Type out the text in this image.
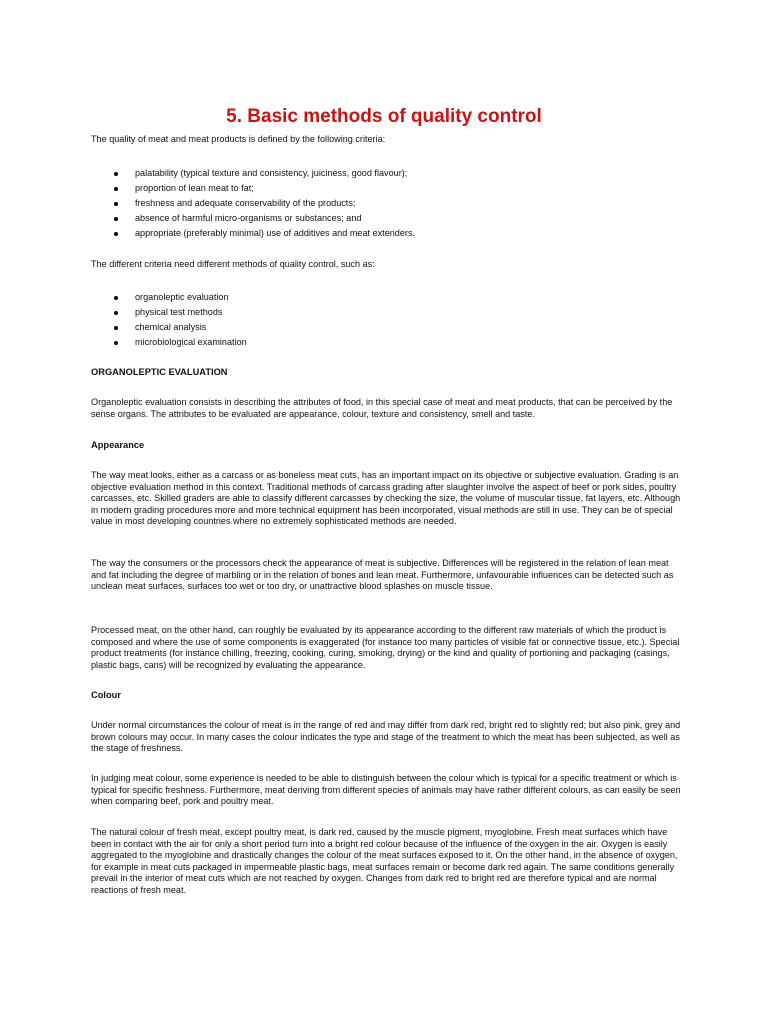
5. Basic methods of quality control

The quality of meat and meat products is defined by the following criteria:

palatability (typical texture and consistency, juiciness, good flavour);
proportion of lean meat to fat;
freshness and adequate conservability of the products;
absence of harmful micro-organisms or substances; and
appropriate (preferably minimal) use of additives and meat extenders.

The different criteria need different methods of quality control, such as:

organoleptic evaluation
physical test methods
chemical analysis
microbiological examination
ORGANOLEPTIC EVALUATION

Organoleptic evaluation consists in describing the attributes of food, in this special case of meat and meat products, that can be perceived by the sense organs. The attributes to be evaluated are appearance, colour, texture and consistency, smell and taste.

Appearance

The way meat looks, either as a carcass or as boneless meat cuts, has an important impact on its objective or subjective evaluation. Grading is an objective evaluation method in this context. Traditional methods of carcass grading after slaughter involve the aspect of beef or pork sides, poultry carcasses, etc. Skilled graders are able to classify different carcasses by checking the size, the volume of muscular tissue, fat layers, etc. Although in modern grading procedures more and more technical equipment has been incorporated, visual methods are still in use. They can be of special value in most developing countries where no extremely sophisticated methods are needed.

The way the consumers or the processors check the appearance of meat is subjective. Differences will be registered in the relation of lean meat and fat including the degree of marbling or in the relation of bones and lean meat. Furthermore, unfavourable influences can be detected such as unclean meat surfaces, surfaces too wet or too dry, or unattractive blood splashes on muscle tissue.

Processed meat, on the other hand, can roughly be evaluated by its appearance according to the different raw materials of which the product is composed and where the use of some components is exaggerated (for instance too many particles of visible fat or connective tissue, etc.). Special product treatments (for instance chilling, freezing, cooking, curing, smoking, drying) or the kind and quality of portioning and packaging (casings, plastic bags, cans) will be recognized by evaluating the appearance.

Colour

Under normal circumstances the colour of meat is in the range of red and may differ from dark red, bright red to slightly red; but also pink, grey and brown colours may occur. In many cases the colour indicates the type and stage of the treatment to which the meat has been subjected, as well as the stage of freshness.

In judging meat colour, some experience is needed to be able to distinguish between the colour which is typical for a specific treatment or which is typical for specific freshness. Furthermore, meat deriving from different species of animals may have rather different colours, as can easily be seen when comparing beef, pork and poultry meat.

The natural colour of fresh meat, except poultry meat, is dark red, caused by the muscle pigment, myoglobine. Fresh meat surfaces which have been in contact with the air for only a short period turn into a bright red colour because of the influence of the oxygen in the air. Oxygen is easily aggregated to the myoglobine and drastically changes the colour of the meat surfaces exposed to it. On the other hand, in the absence of oxygen, for example in meat cuts packaged in impermeable plastic bags, meat surfaces remain or become dark red again. The same conditions generally prevail in the interior of meat cuts which are not reached by oxygen. Changes from dark red to bright red are therefore typical and are normal reactions of fresh meat.
